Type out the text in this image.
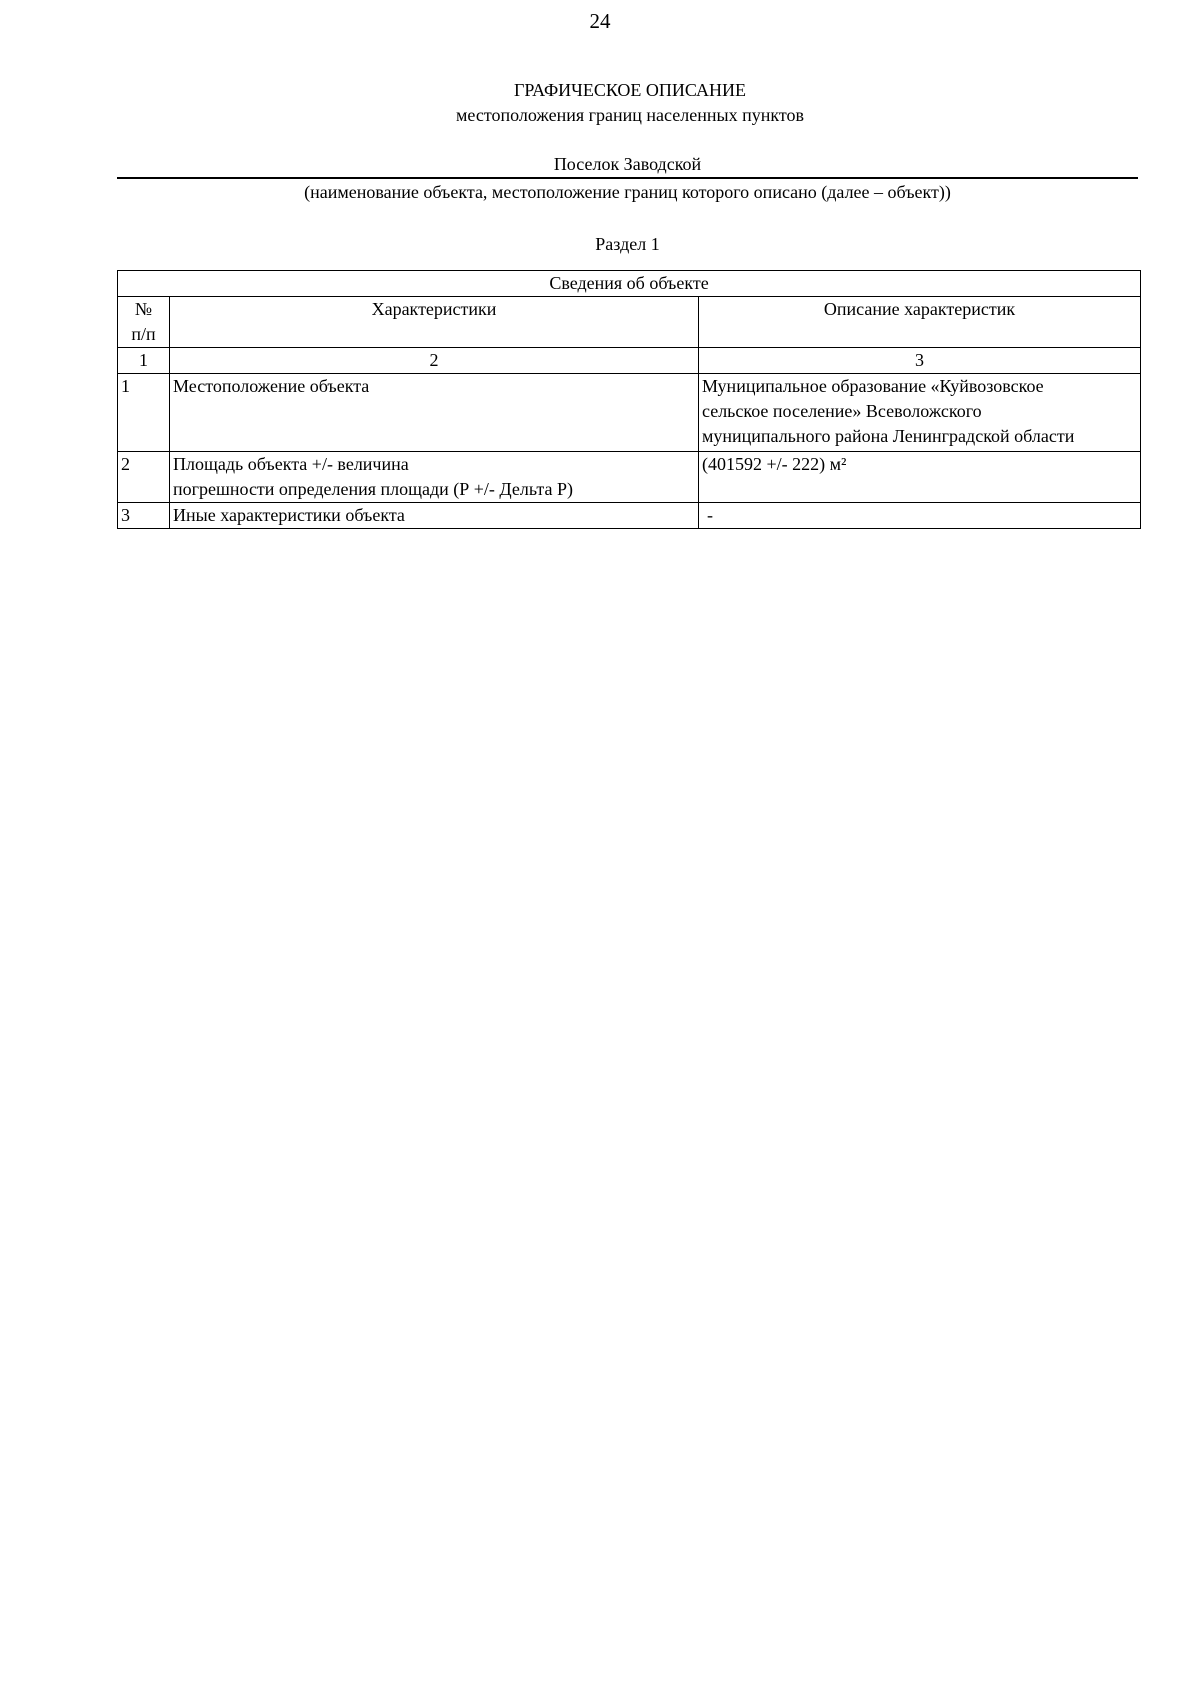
24
ГРАФИЧЕСКОЕ ОПИСАНИЕ
местоположения границ населенных пунктов
Поселок Заводской
(наименование объекта, местоположение границ которого описано (далее – объект))
Раздел 1
Сведения об объекте		

№
п/п	Характеристики	Описание характеристик
1	2	3
1	Местоположение объекта	Муниципальное образование «Куйвозовское
сельское поселение» Всеволожского
муниципального района Ленинградской области

2	Площадь объекта +/- величина
погрешности определения площади (Р +/- Дельта Р)	(401592 +/- 222) м²
3	Иные характеристики объекта	-
